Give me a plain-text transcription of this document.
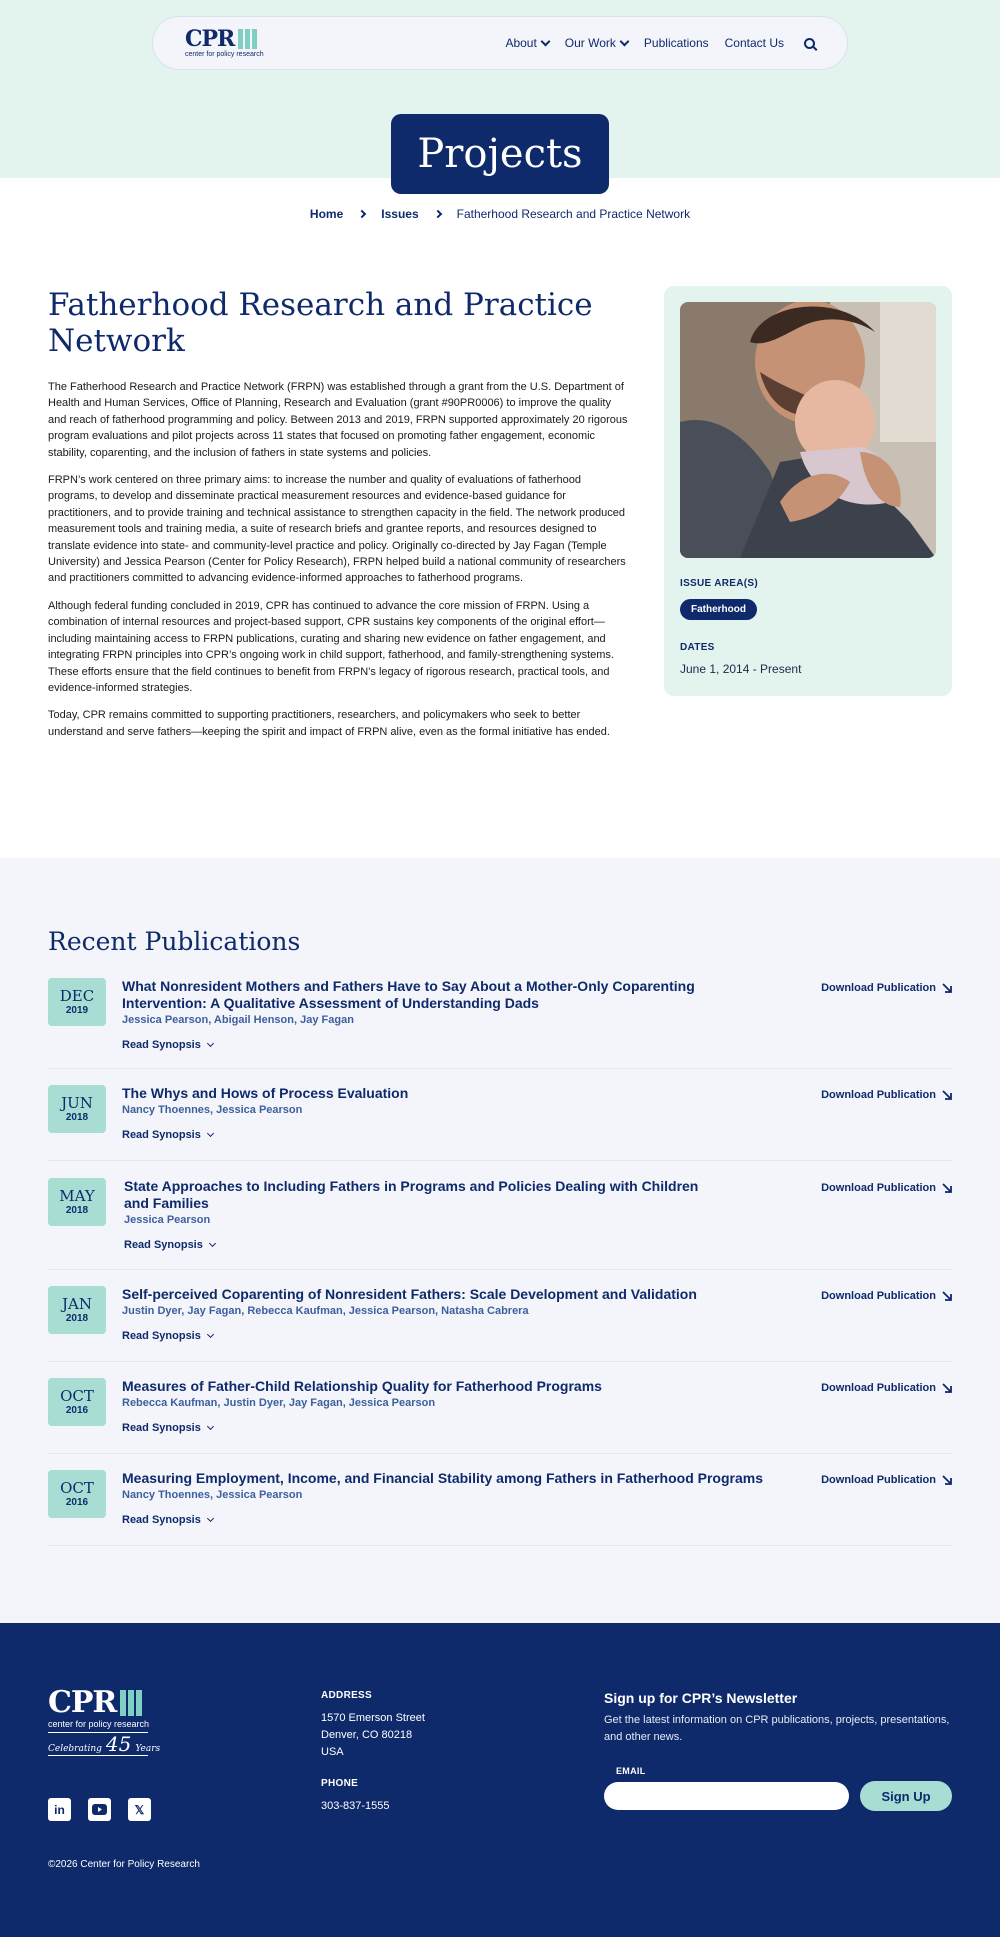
CPR
center for policy research
About Our Work Publications Contact Us
Projects
Home	Issues	Fatherhood Research and Practice Network
Fatherhood Research and Practice Network

The Fatherhood Research and Practice Network (FRPN) was established through a grant from the U.S. Department of Health and Human Services, Office of Planning, Research and Evaluation (grant #90PR0006) to improve the quality and reach of fatherhood programming and policy. Between 2013 and 2019, FRPN supported approximately 20 rigorous program evaluations and pilot projects across 11 states that focused on promoting father engagement, economic stability, coparenting, and the inclusion of fathers in state systems and policies.

FRPN’s work centered on three primary aims: to increase the number and quality of evaluations of fatherhood programs, to develop and disseminate practical measurement resources and evidence-based guidance for practitioners, and to provide training and technical assistance to strengthen capacity in the field. The network produced measurement tools and training media, a suite of research briefs and grantee reports, and resources designed to translate evidence into state- and community-level practice and policy. Originally co-directed by Jay Fagan (Temple University) and Jessica Pearson (Center for Policy Research), FRPN helped build a national community of researchers and practitioners committed to advancing evidence-informed approaches to fatherhood programs.

Although federal funding concluded in 2019, CPR has continued to advance the core mission of FRPN. Using a combination of internal resources and project-based support, CPR sustains key components of the original effort—including maintaining access to FRPN publications, curating and sharing new evidence on father engagement, and integrating FRPN principles into CPR’s ongoing work in child support, fatherhood, and family-strengthening systems. These efforts ensure that the field continues to benefit from FRPN’s legacy of rigorous research, practical tools, and evidence-informed strategies.

Today, CPR remains committed to supporting practitioners, researchers, and policymakers who seek to better understand and serve fathers—keeping the spirit and impact of FRPN alive, even as the formal initiative has ended.

ISSUE AREA(S)
Fatherhood
DATES
June 1, 2014 - Present
Recent Publications
DEC
2019
What Nonresident Mothers and Fathers Have to Say About a Mother-Only Coparenting Intervention: A Qualitative Assessment of Understanding Dads
Jessica Pearson, Abigail Henson, Jay Fagan
Read Synopsis
Download Publication
JUN
2018
The Whys and Hows of Process Evaluation
Nancy Thoennes, Jessica Pearson
Read Synopsis
Download Publication
MAY
2018
State Approaches to Including Fathers in Programs and Policies Dealing with Children and Families
Jessica Pearson
Read Synopsis
Download Publication
JAN
2018
Self-perceived Coparenting of Nonresident Fathers: Scale Development and Validation
Justin Dyer, Jay Fagan, Rebecca Kaufman, Jessica Pearson, Natasha Cabrera
Read Synopsis
Download Publication
OCT
2016
Measures of Father-Child Relationship Quality for Fatherhood Programs
Rebecca Kaufman, Justin Dyer, Jay Fagan, Jessica Pearson
Read Synopsis
Download Publication
OCT
2016
Measuring Employment, Income, and Financial Stability among Fathers in Fatherhood Programs
Nancy Thoennes, Jessica Pearson
Read Synopsis
Download Publication
CPR
center for policy research
Celebrating 45 Years
in	𝕏
ADDRESS
1570 Emerson Street
Denver, CO 80218
USA
PHONE
303-837-1555
Sign up for CPR’s Newsletter

Get the latest information on CPR publications, projects, presentations, and other news.

EMAIL
Sign Up
©2026 Center for Policy Research
